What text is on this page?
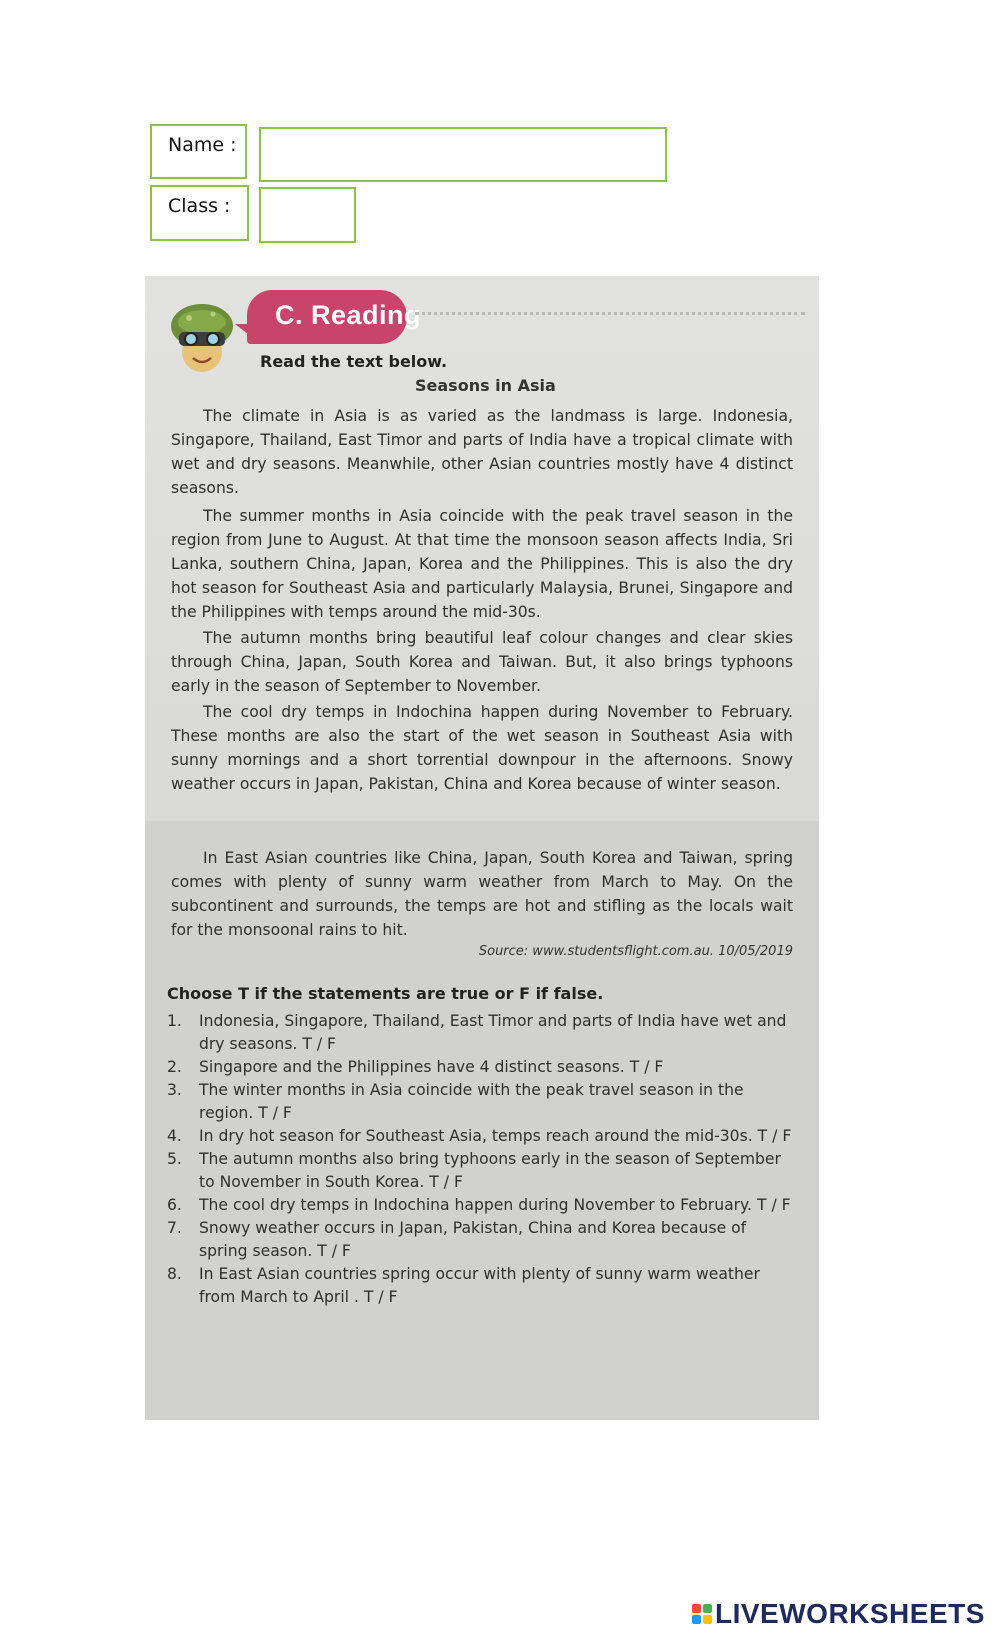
Name :
Class :
C. Reading
Read the text below.
Seasons in Asia

The climate in Asia is as varied as the landmass is large. Indonesia, Singapore, Thailand, East Timor and parts of India have a tropical climate with wet and dry seasons. Meanwhile, other Asian countries mostly have 4 distinct seasons.

The summer months in Asia coincide with the peak travel season in the region from June to August. At that time the monsoon season affects India, Sri Lanka, southern China, Japan, Korea and the Philippines. This is also the dry hot season for Southeast Asia and particularly Malaysia, Brunei, Singapore and the Philippines with temps around the mid-30s.

The autumn months bring beautiful leaf colour changes and clear skies through China, Japan, South Korea and Taiwan. But, it also brings typhoons early in the season of September to November.

The cool dry temps in Indochina happen during November to February. These months are also the start of the wet season in Southeast Asia with sunny mornings and a short torrential downpour in the afternoons. Snowy weather occurs in Japan, Pakistan, China and Korea because of winter season.

In East Asian countries like China, Japan, South Korea and Taiwan, spring comes with plenty of sunny warm weather from March to May. On the subcontinent and surrounds, the temps are hot and stifling as the locals wait for the monsoonal rains to hit.

Source: www.studentsflight.com.au. 10/05/2019
Choose T if the statements are true or F if false.
1.	Indonesia, Singapore, Thailand, East Timor and parts of India have wet and dry seasons. T / F
2.	Singapore and the Philippines have 4 distinct seasons. T / F
3.	The winter months in Asia coincide with the peak travel season in the region. T / F
4.	In dry hot season for Southeast Asia, temps reach around the mid-30s. T / F
5.	The autumn months also bring typhoons early in the season of September to November in South Korea. T / F
6.	The cool dry temps in Indochina happen during November to February. T / F
7.	Snowy weather occurs in Japan, Pakistan, China and Korea because of spring season. T / F
8.	In East Asian countries spring occur with plenty of sunny warm weather from March to April . T / F
LIVEWORKSHEETS
